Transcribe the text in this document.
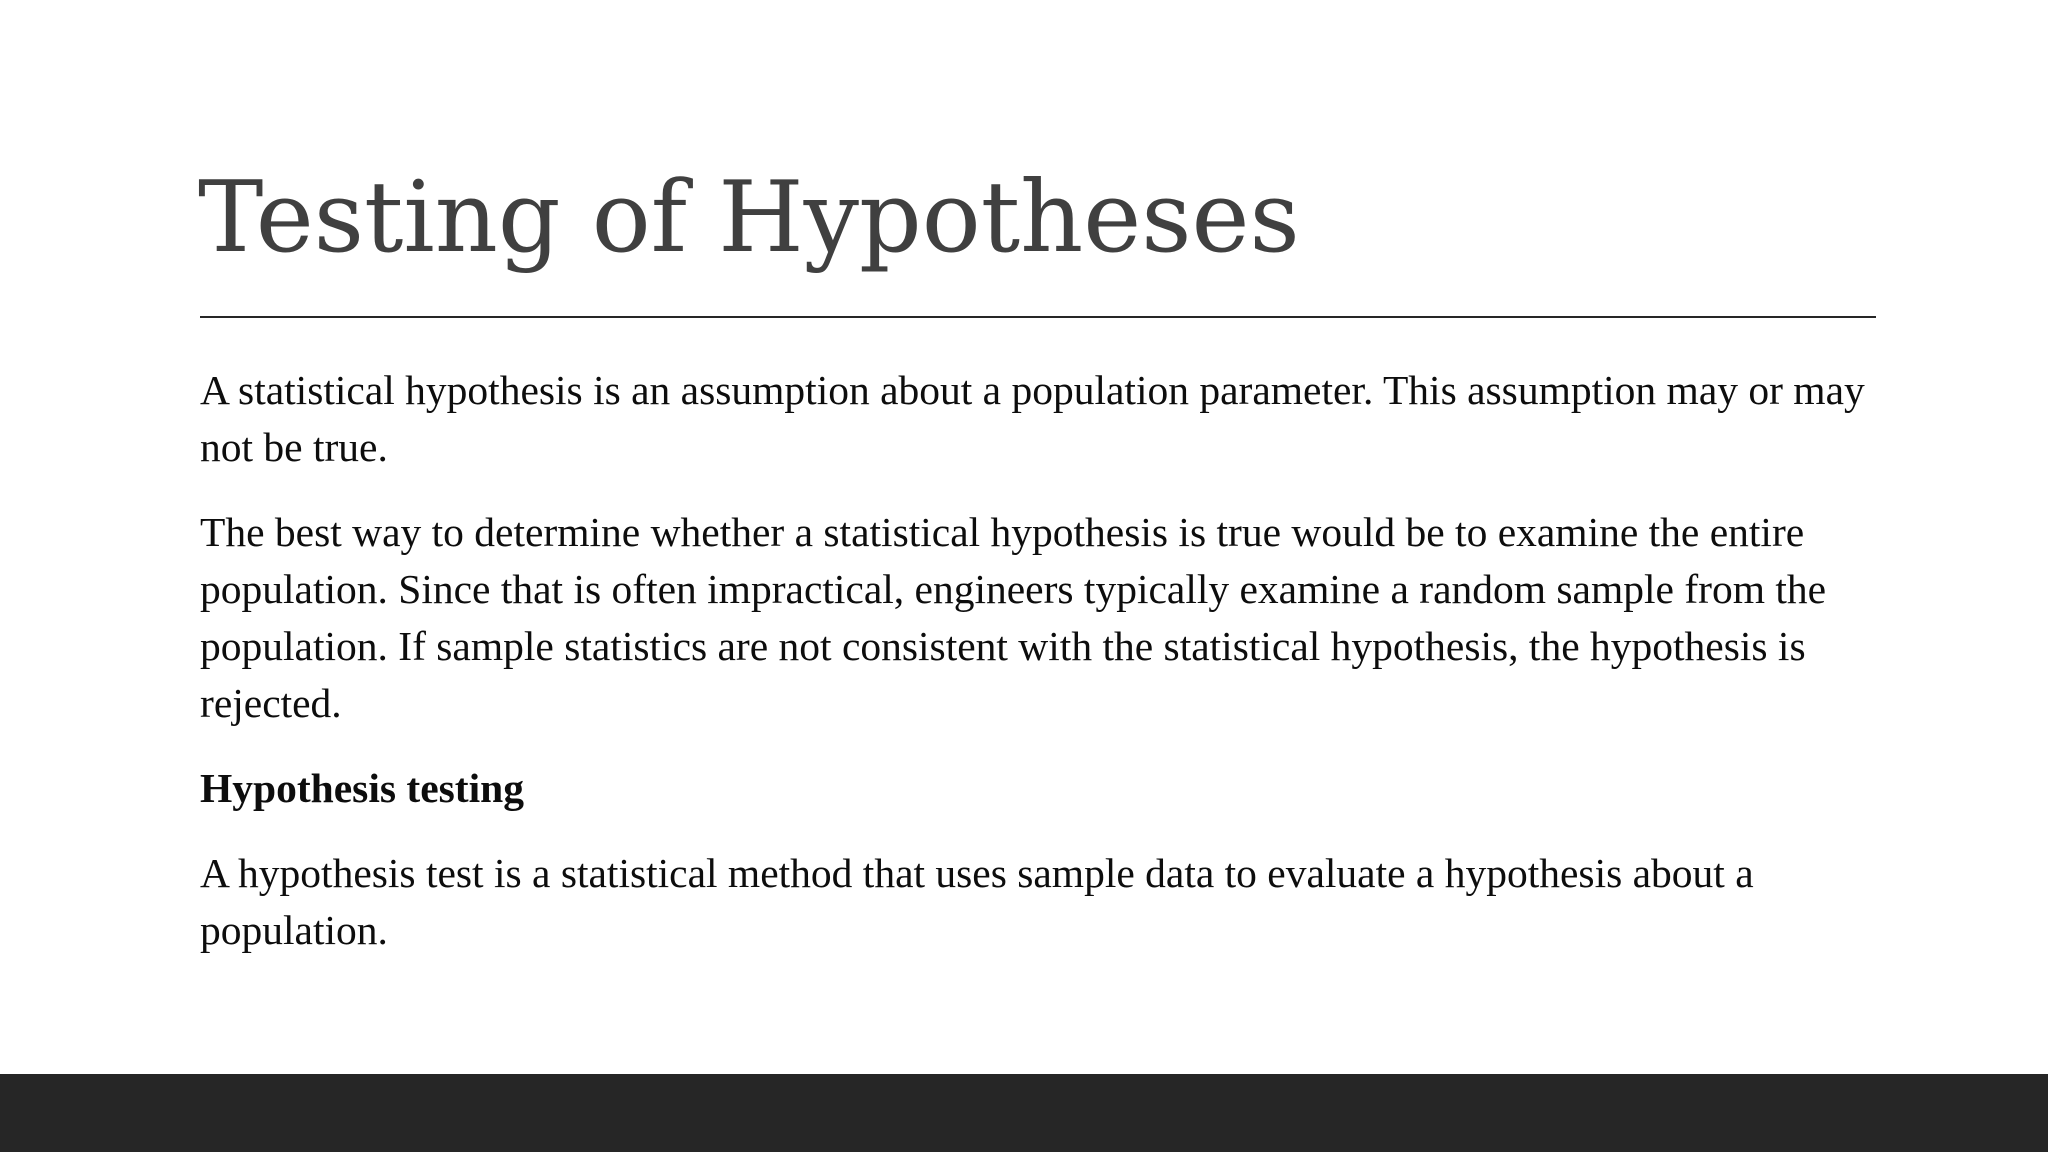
Testing of Hypotheses

A statistical hypothesis is an assumption about a population parameter. This assumption may or may not be true.

The best way to determine whether a statistical hypothesis is true would be to examine the entire population. Since that is often impractical, engineers typically examine a random sample from the population. If sample statistics are not consistent with the statistical hypothesis, the hypothesis is rejected.

Hypothesis testing

A hypothesis test is a statistical method that uses sample data to evaluate a hypothesis about a population.
